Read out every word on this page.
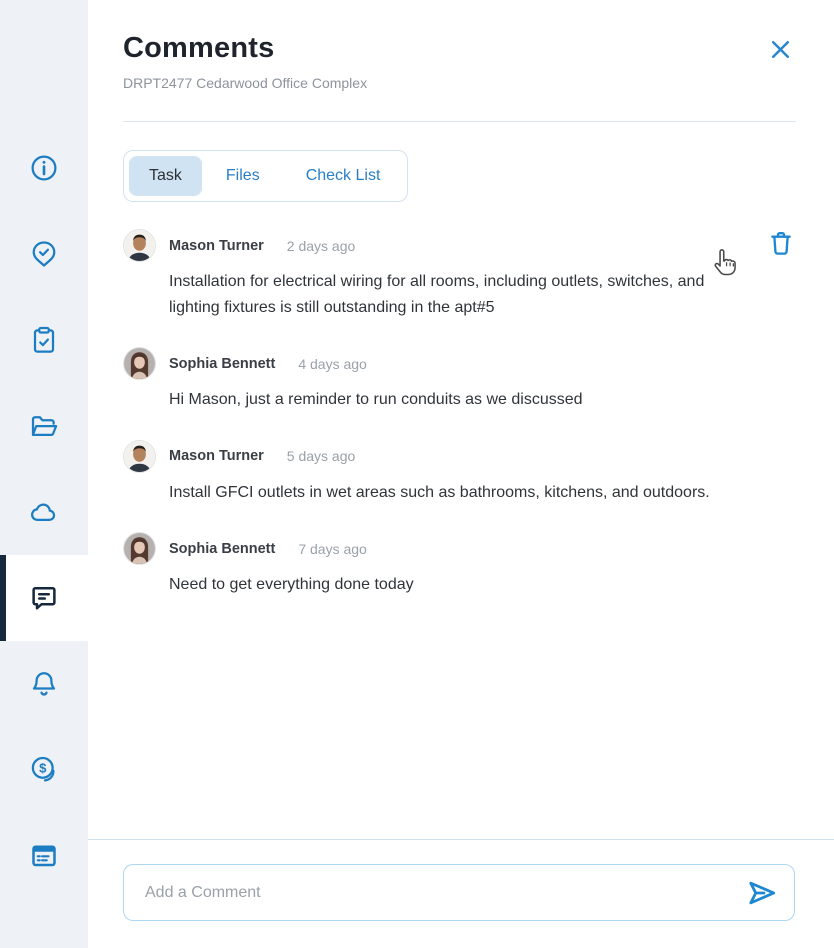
$
Comments
DRPT2477 Cedarwood Office Complex
Task	Files	Check List
Mason Turner 2 days ago

Installation for electrical wiring for all rooms, including outlets, switches, and lighting fixtures is still outstanding in the apt#5

Sophia Bennett 4 days ago

Hi Mason, just a reminder to run conduits as we discussed

Mason Turner 5 days ago

Install GFCI outlets in wet areas such as bathrooms, kitchens, and outdoors.

Sophia Bennett 7 days ago

Need to get everything done today

Add a Comment
